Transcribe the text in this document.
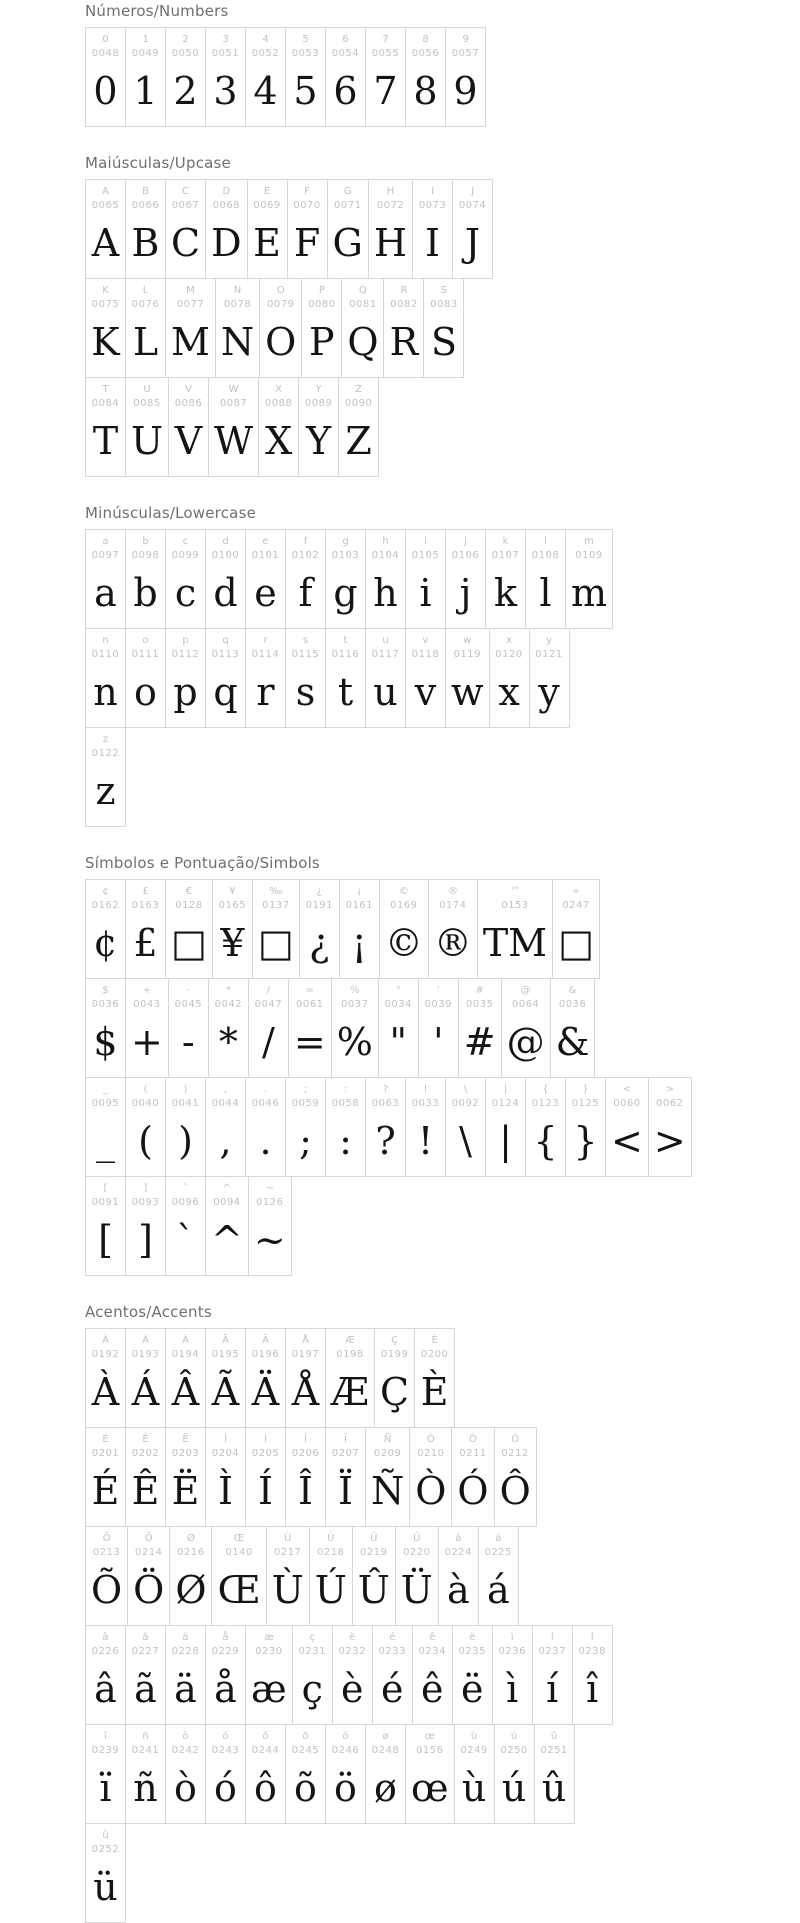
Números/Numbers
0
0048
0
1
0049
1
2
0050
2
3
0051
3
4
0052
4
5
0053
5
6
0054
6
7
0055
7
8
0056
8
9
0057
9
Maiúsculas/Upcase
A
0065
A
B
0066
B
C
0067
C
D
0068
D
E
0069
E
F
0070
F
G
0071
G
H
0072
H
I
0073
I
J
0074
J
K
0075
K
L
0076
L
M
0077
M
N
0078
N
O
0079
O
P
0080
P
Q
0081
Q
R
0082
R
S
0083
S
T
0084
T
U
0085
U
V
0086
V
W
0087
W
X
0088
X
Y
0089
Y
Z
0090
Z
Minúsculas/Lowercase
a
0097
a
b
0098
b
c
0099
c
d
0100
d
e
0101
e
f
0102
f
g
0103
g
h
0104
h
i
0105
i
j
0106
j
k
0107
k
l
0108
l
m
0109
m
n
0110
n
o
0111
o
p
0112
p
q
0113
q
r
0114
r
s
0115
s
t
0116
t
u
0117
u
v
0118
v
w
0119
w
x
0120
x
y
0121
y
z
0122
z
Símbolos e Pontuação/Simbols
¢
0162
¢
£
0163
£
€
0128
□
¥
0165
¥
‰
0137
□
¿
0191
¿
¡
0161
¡
©
0169
©
®
0174
®
™
0153
TM
÷
0247
□
$
0036
$
+
0043
+
-
0045
-
*
0042
*
/
0047
/
=
0061
=
%
0037
%
"
0034
"
'
0039
'
#
0035
#
@
0064
@
&
0038
&
_
0095
_
(
0040
(
)
0041
)
,
0044
,
.
0046
.
;
0059
;
:
0058
:
?
0063
?
!
0033
!
\
0092
\
|
0124
|
{
0123
{
}
0125
}
<
0060
<
>
0062
>
[
0091
[
]
0093
]
`
0096
`
^
0094
^
~
0126
~
Acentos/Accents
À
0192
À
Á
0193
Á
Â
0194
Â
Ã
0195
Ã
Ä
0196
Ä
Å
0197
Å
Æ
0198
Æ
Ç
0199
Ç
È
0200
È
É
0201
É
Ê
0202
Ê
Ë
0203
Ë
Ì
0204
Ì
Í
0205
Í
Î
0206
Î
Ï
0207
Ï
Ñ
0209
Ñ
Ò
0210
Ò
Ó
0211
Ó
Ô
0212
Ô
Õ
0213
Õ
Ö
0214
Ö
Ø
0216
Ø
Œ
0140
Œ
Ù
0217
Ù
Ú
0218
Ú
Û
0219
Û
Ü
0220
Ü
à
0224
à
á
0225
á
â
0226
â
ã
0227
ã
ä
0228
ä
å
0229
å
æ
0230
æ
ç
0231
ç
è
0232
è
é
0233
é
ê
0234
ê
ë
0235
ë
ì
0236
ì
í
0237
í
î
0238
î
ï
0239
ï
ñ
0241
ñ
ò
0242
ò
ó
0243
ó
ô
0244
ô
õ
0245
õ
ö
0246
ö
ø
0248
ø
œ
0156
œ
ù
0249
ù
ú
0250
ú
û
0251
û
ü
0252
ü
